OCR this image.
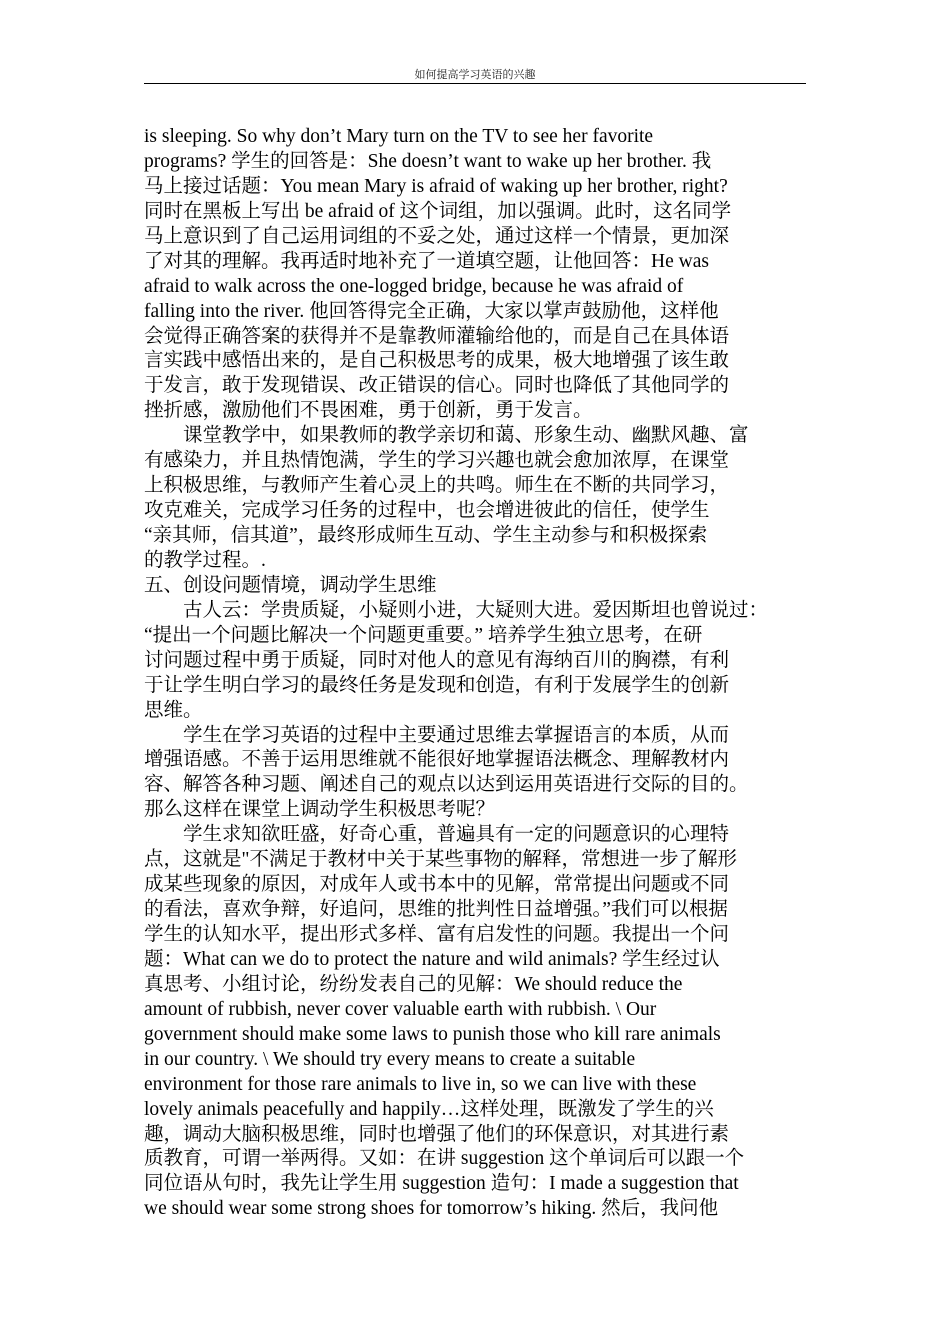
如何提高学习英语的兴趣
is sleeping. So why don’t Mary turn on the TV to see her favorite
programs? 学生的回答是：She doesn’t want to wake up her brother. 我
马上接过话题：You mean Mary is afraid of waking up her brother, right?
同时在黑板上写出 be afraid of 这个词组，加以强调。此时，这名同学
马上意识到了自己运用词组的不妥之处，通过这样一个情景，更加深
了对其的理解。我再适时地补充了一道填空题，让他回答：He was
afraid to walk across the one-logged bridge, because he was afraid of
falling into the river. 他回答得完全正确，大家以掌声鼓励他，这样他
会觉得正确答案的获得并不是靠教师灌输给他的，而是自己在具体语
言实践中感悟出来的，是自己积极思考的成果，极大地增强了该生敢
于发言，敢于发现错误、改正错误的信心。同时也降低了其他同学的
挫折感，激励他们不畏困难，勇于创新，勇于发言。
课堂教学中，如果教师的教学亲切和蔼、形象生动、幽默风趣、富
有感染力，并且热情饱满，学生的学习兴趣也就会愈加浓厚，在课堂
上积极思维，与教师产生着心灵上的共鸣。师生在不断的共同学习，
攻克难关，完成学习任务的过程中，也会增进彼此的信任，使学生
“亲其师，信其道”，最终形成师生互动、学生主动参与和积极探索
的教学过程。.
五、创设问题情境，调动学生思维
古人云：学贵质疑，小疑则小进，大疑则大进。爱因斯坦也曾说过：
“提出一个问题比解决一个问题更重要。” 培养学生独立思考，在研
讨问题过程中勇于质疑，同时对他人的意见有海纳百川的胸襟，有利
于让学生明白学习的最终任务是发现和创造，有利于发展学生的创新
思维。
学生在学习英语的过程中主要通过思维去掌握语言的本质，从而
增强语感。不善于运用思维就不能很好地掌握语法概念、理解教材内
容、解答各种习题、阐述自己的观点以达到运用英语进行交际的目的。
那么这样在课堂上调动学生积极思考呢？
学生求知欲旺盛，好奇心重，普遍具有一定的问题意识的心理特
点，这就是"不满足于教材中关于某些事物的解释，常想进一步了解形
成某些现象的原因，对成年人或书本中的见解，常常提出问题或不同
的看法，喜欢争辩，好追问，思维的批判性日益增强。”我们可以根据
学生的认知水平，提出形式多样、富有启发性的问题。我提出一个问
题：What can we do to protect the nature and wild animals? 学生经过认
真思考、小组讨论，纷纷发表自己的见解：We should reduce the
amount of rubbish, never cover valuable earth with rubbish. \ Our
government should make some laws to punish those who kill rare animals
in our country. \ We should try every means to create a suitable
environment for those rare animals to live in, so we can live with these
lovely animals peacefully and happily…这样处理，既激发了学生的兴
趣，调动大脑积极思维，同时也增强了他们的环保意识，对其进行素
质教育，可谓一举两得。又如：在讲 suggestion 这个单词后可以跟一个
同位语从句时，我先让学生用 suggestion 造句：I made a suggestion that
we should wear some strong shoes for tomorrow’s hiking. 然后，我问他
